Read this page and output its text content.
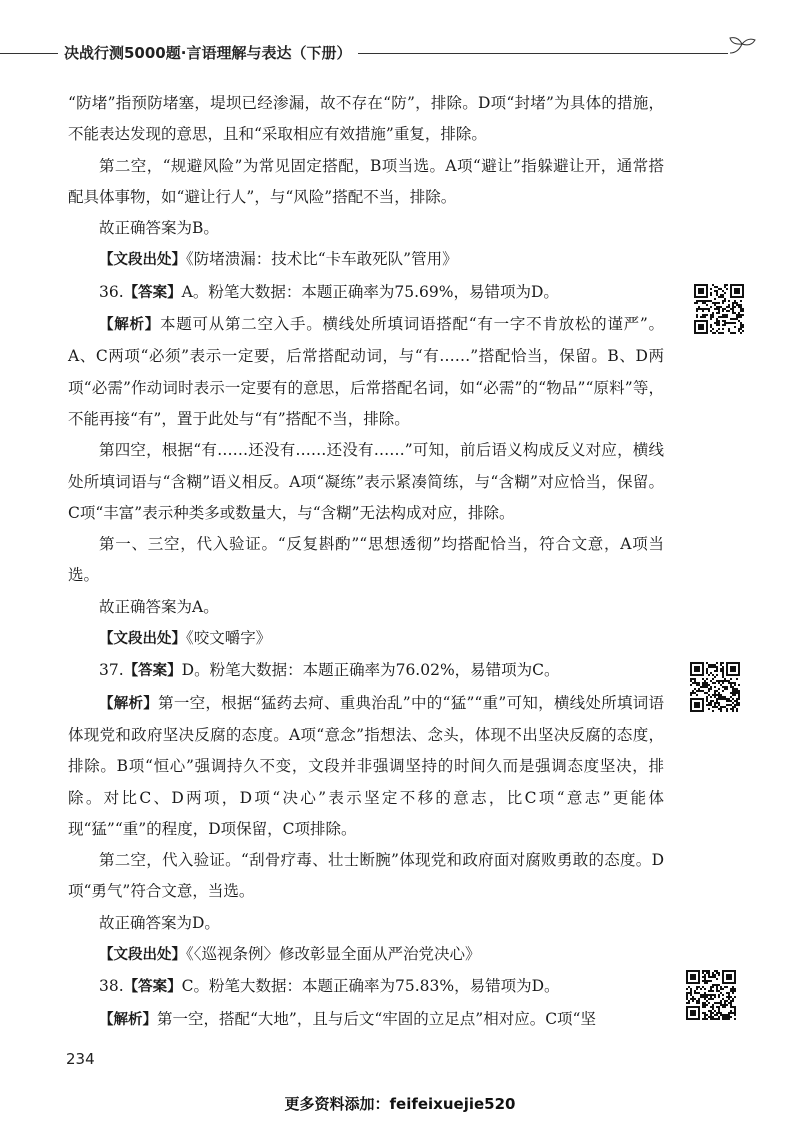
决战行测5000题·言语理解与表达（下册）

“防堵”指预防堵塞，堤坝已经渗漏，故不存在“防”，排除。D项“封堵”为具体的措施，不能表达发现的意思，且和“采取相应有效措施”重复，排除。

第二空，“规避风险”为常见固定搭配，B项当选。A项“避让”指躲避让开，通常搭配具体事物，如“避让行人”，与“风险”搭配不当，排除。

故正确答案为B。

【文段出处】《防堵溃漏：技术比“卡车敢死队”管用》

36.【答案】A。粉笔大数据：本题正确率为75.69%，易错项为D。

【解析】本题可从第二空入手。横线处所填词语搭配“有一字不肯放松的谨严”。A、C两项“必须”表示一定要，后常搭配动词，与“有……”搭配恰当，保留。B、D两项“必需”作动词时表示一定要有的意思，后常搭配名词，如“必需”的“物品”“原料”等，不能再接“有”，置于此处与“有”搭配不当，排除。

第四空，根据“有……还没有……还没有……”可知，前后语义构成反义对应，横线处所填词语与“含糊”语义相反。A项“凝练”表示紧凑简练，与“含糊”对应恰当，保留。C项“丰富”表示种类多或数量大，与“含糊”无法构成对应，排除。

第一、三空，代入验证。“反复斟酌”“思想透彻”均搭配恰当，符合文意，A项当选。

故正确答案为A。

【文段出处】《咬文嚼字》

37.【答案】D。粉笔大数据：本题正确率为76.02%，易错项为C。

【解析】第一空，根据“猛药去疴、重典治乱”中的“猛”“重”可知，横线处所填词语体现党和政府坚决反腐的态度。A项“意念”指想法、念头，体现不出坚决反腐的态度，排除。B项“恒心”强调持久不变，文段并非强调坚持的时间久而是强调态度坚决，排除。对比C、D两项，D项“决心”表示坚定不移的意志，比C项“意志”更能体现“猛”“重”的程度，D项保留，C项排除。

第二空，代入验证。“刮骨疗毒、壮士断腕”体现党和政府面对腐败勇敢的态度。D项“勇气”符合文意，当选。

故正确答案为D。

【文段出处】《〈巡视条例〉修改彰显全面从严治党决心》

38.【答案】C。粉笔大数据：本题正确率为75.83%，易错项为D。

【解析】第一空，搭配“大地”，且与后文“牢固的立足点”相对应。C项“坚

234
更多资料添加：feifeixuejie520
